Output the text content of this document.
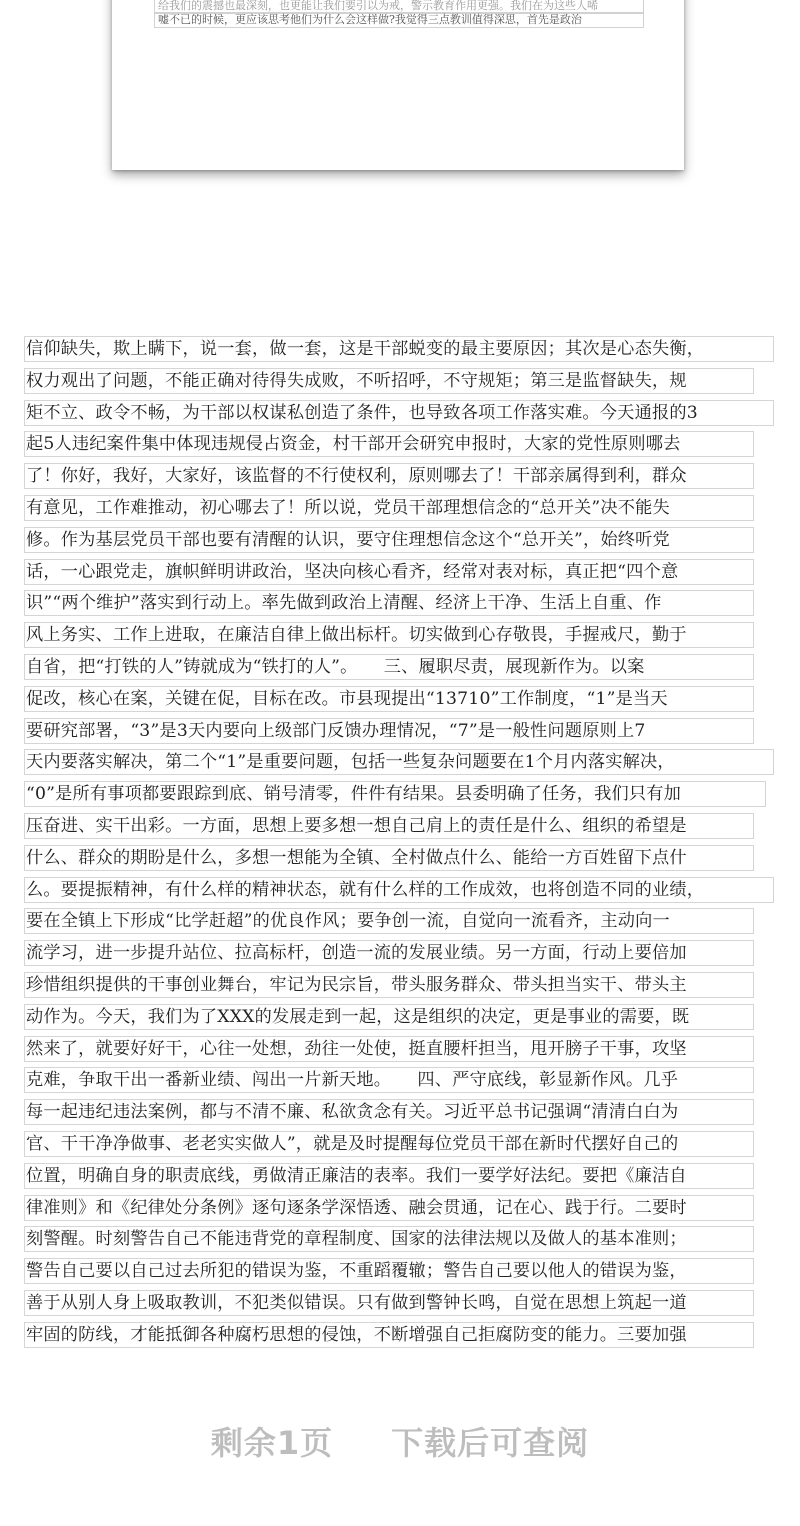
给我们的震撼也最深刻，也更能让我们要引以为戒，警示教育作用更强。我们在为这些人唏
嘘不已的时候，更应该思考他们为什么会这样做?我觉得三点教训值得深思，首先是政治
信仰缺失，欺上瞒下，说一套，做一套，这是干部蜕变的最主要原因；其次是心态失衡，
权力观出了问题，不能正确对待得失成败，不听招呼，不守规矩；第三是监督缺失，规
矩不立、政令不畅，为干部以权谋私创造了条件，也导致各项工作落实难。今天通报的3
起5人违纪案件集中体现违规侵占资金，村干部开会研究申报时，大家的党性原则哪去
了！你好，我好，大家好，该监督的不行使权利，原则哪去了！干部亲属得到利，群众
有意见，工作难推动，初心哪去了！所以说，党员干部理想信念的“总开关”决不能失
修。作为基层党员干部也要有清醒的认识，要守住理想信念这个“总开关”，始终听党
话，一心跟党走，旗帜鲜明讲政治，坚决向核心看齐，经常对表对标，真正把“四个意
识”“两个维护”落实到行动上。率先做到政治上清醒、经济上干净、生活上自重、作
风上务实、工作上进取，在廉洁自律上做出标杆。切实做到心存敬畏，手握戒尺，勤于
自省，把“打铁的人”铸就成为“铁打的人”。　　三、履职尽责，展现新作为。以案
促改，核心在案，关键在促，目标在改。市县现提出“13710”工作制度，“1”是当天
要研究部署，“3”是3天内要向上级部门反馈办理情况，“7”是一般性问题原则上7
天内要落实解决，第二个“1”是重要问题，包括一些复杂问题要在1个月内落实解决，
“0”是所有事项都要跟踪到底、销号清零，件件有结果。县委明确了任务，我们只有加
压奋进、实干出彩。一方面，思想上要多想一想自己肩上的责任是什么、组织的希望是
什么、群众的期盼是什么，多想一想能为全镇、全村做点什么、能给一方百姓留下点什
么。要提振精神，有什么样的精神状态，就有什么样的工作成效，也将创造不同的业绩，
要在全镇上下形成“比学赶超”的优良作风；要争创一流，自觉向一流看齐，主动向一
流学习，进一步提升站位、拉高标杆，创造一流的发展业绩。另一方面，行动上要倍加
珍惜组织提供的干事创业舞台，牢记为民宗旨，带头服务群众、带头担当实干、带头主
动作为。今天，我们为了XXX的发展走到一起，这是组织的决定，更是事业的需要，既
然来了，就要好好干，心往一处想，劲往一处使，挺直腰杆担当，甩开膀子干事，攻坚
克难，争取干出一番新业绩、闯出一片新天地。　　四、严守底线，彰显新作风。几乎
每一起违纪违法案例，都与不清不廉、私欲贪念有关。习近平总书记强调“清清白白为
官、干干净净做事、老老实实做人”，就是及时提醒每位党员干部在新时代摆好自己的
位置，明确自身的职责底线，勇做清正廉洁的表率。我们一要学好法纪。要把《廉洁自
律准则》和《纪律处分条例》逐句逐条学深悟透、融会贯通，记在心、践于行。二要时
刻警醒。时刻警告自己不能违背党的章程制度、国家的法律法规以及做人的基本准则；
警告自己要以自己过去所犯的错误为鉴，不重蹈覆辙；警告自己要以他人的错误为鉴，
善于从别人身上吸取教训，不犯类似错误。只有做到警钟长鸣，自觉在思想上筑起一道
牢固的防线，才能抵御各种腐朽思想的侵蚀，不断增强自己拒腐防变的能力。三要加强
剩余1页 下载后可查阅
